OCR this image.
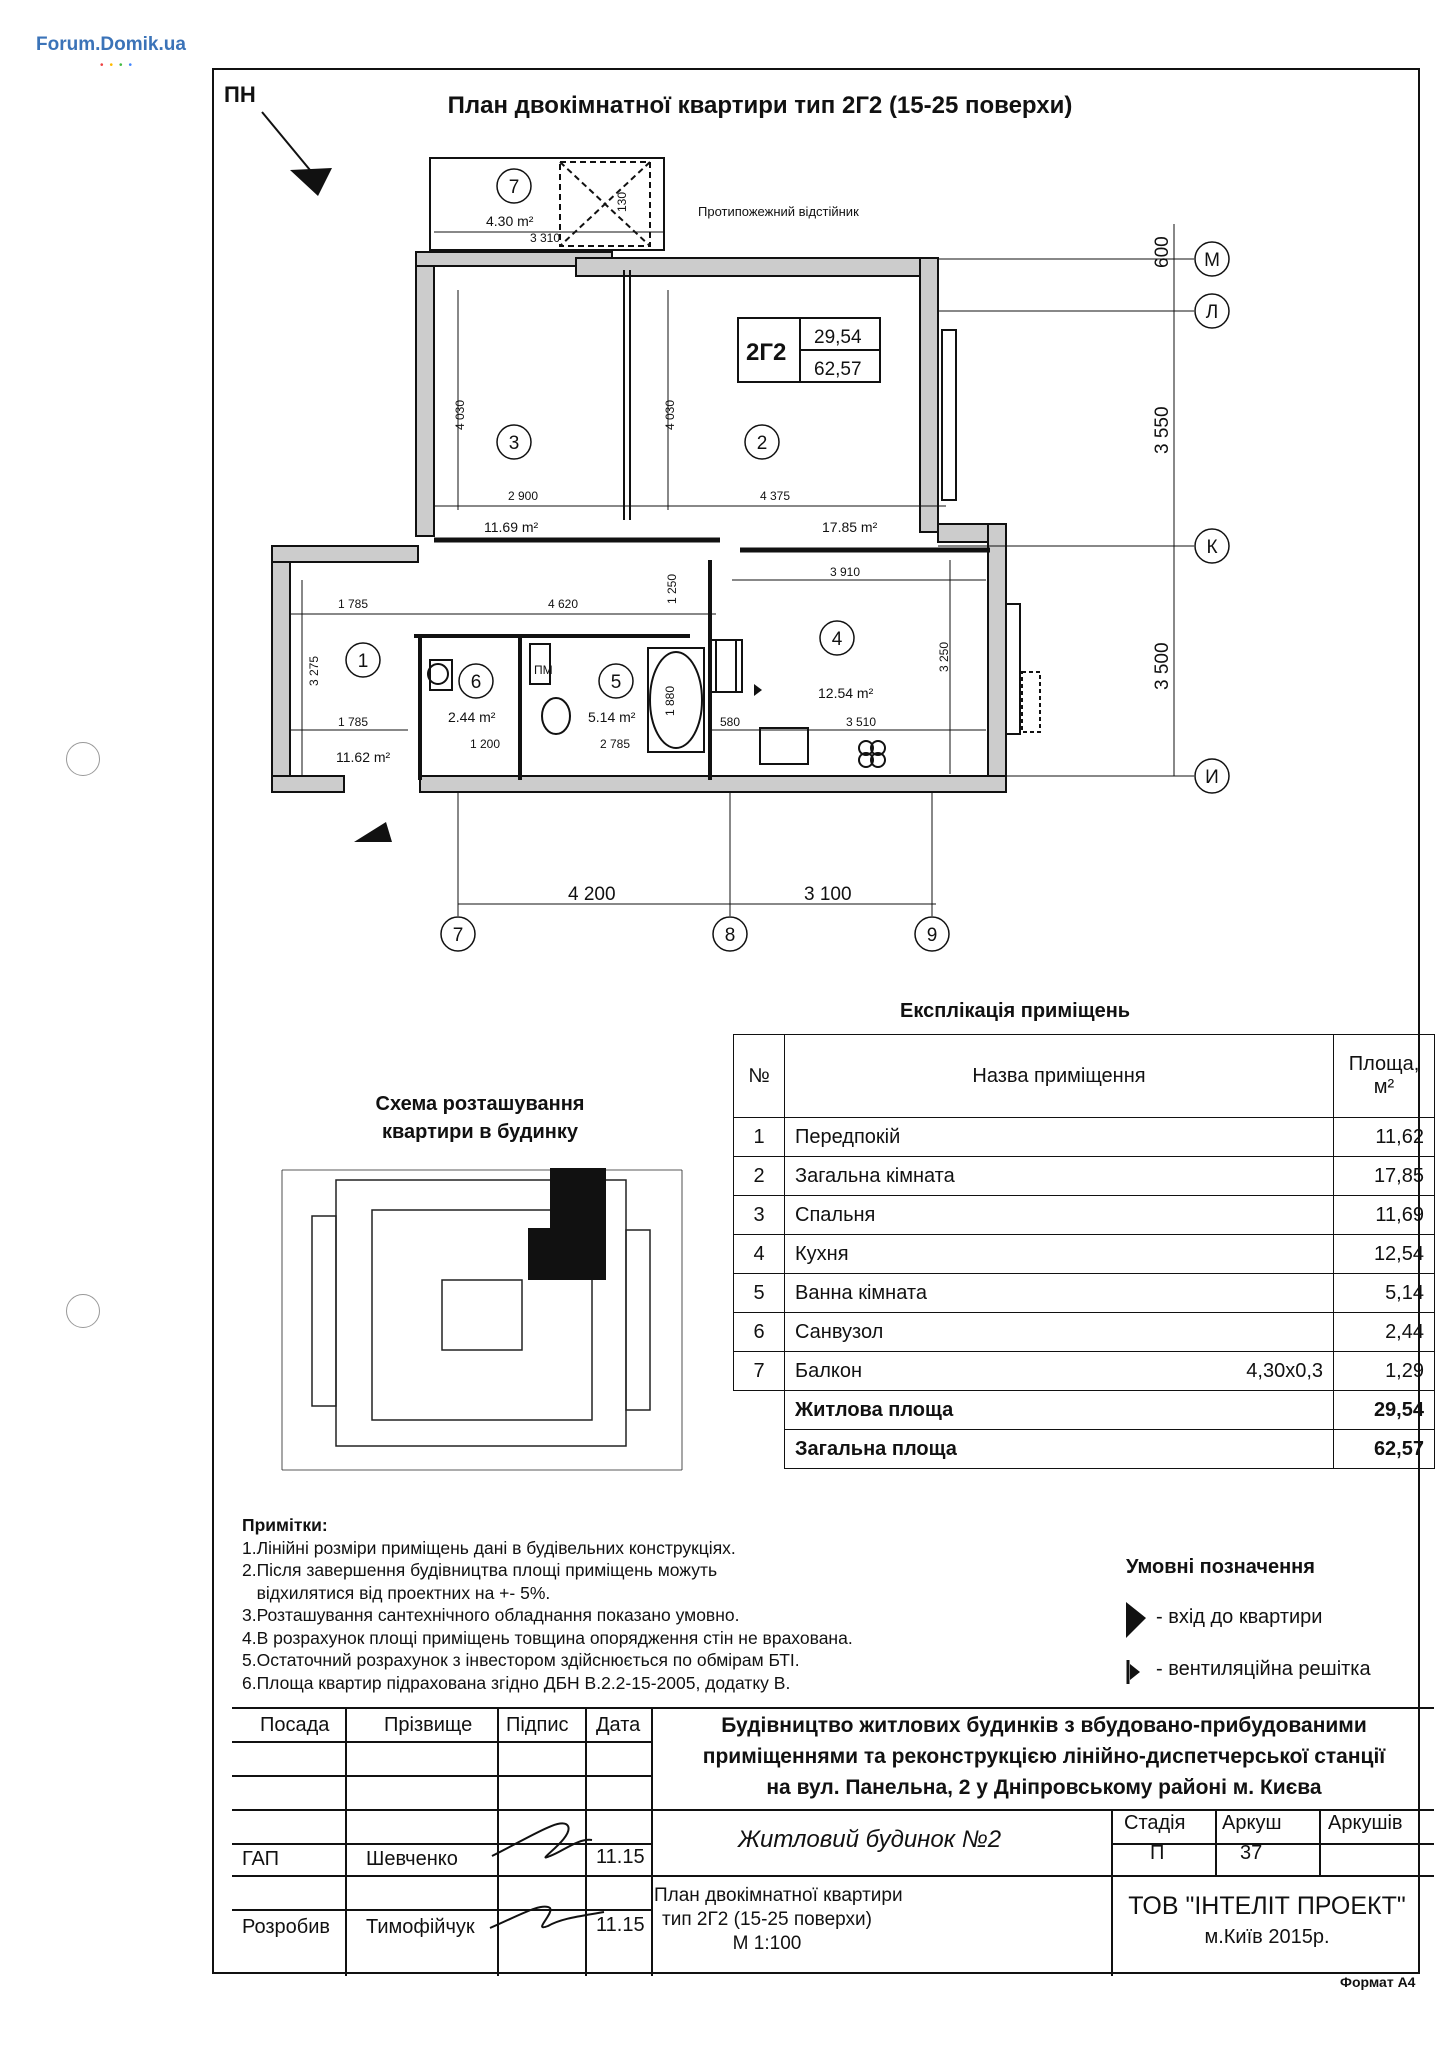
Forum.Domik.ua
••••
ПН	План двокімнатної квартири тип 2Г2 (15-25 поверхи)
М
Л
К
И
7	8	9
7
2
3
1
6	5
4
4.30 m²
11.69 m²	17.85 m²
12.54 m²
5.14 m²
2.44 m²
11.62 m²
Протипожежний відстійник
3 310
2 900	4 375
3 910
1 785	4 620
1 785
1 200	2 785
580	3 510
ПМ
130
4 030	4 030
1 250
3 275	3 250
1 880
600
3 550
3 500
4 200	3 100
2Г2
29,54
62,57
Експлікація приміщень
№	Назва приміщення		Площа, м²
1	Передпокій		11,62
2	Загальна кімната		17,85
3	Спальня		11,69
4	Кухня		12,54
5	Ванна кімната		5,14
6	Санвузол		2,44
7	Балкон	4,30х0,3	1,29
	Житлова площа		29,54
	Загальна площа		62,57
Схема розташування
квартири в будинку
Примітки:
1.Лінійні розміри приміщень дані в будівельних конструкціях.
2.Після завершення будівництва площі приміщень можуть
відхилятися від проектних на +- 5%.
3.Розташування сантехнічного обладнання показано умовно.
4.В розрахунок площі приміщень товщина опорядження стін не врахована.
5.Остаточний розрахунок з інвестором здійснюється по обмірам БТІ.
6.Площа квартир підрахована згідно ДБН В.2.2-15-2005, додатку В.
Умовні позначення
- вхід до квартири
- вентиляційна решітка
Посада	Прізвище Підпис Дата	Будівництво житлових будинків з вбудовано-прибудованими
приміщеннями та реконструкцією лінійно-диспетчерської станції
на вул. Панельна, 2 у Дніпровському районі м. Києва
Житловий будинок №2
Стадія Аркуш Аркушів
П	37
ГАП	Шевченко	11.15
Розробив Тимофійчук	11.15
План двокімнатної квартири
тип 2Г2 (15-25 поверхи)
М 1:100
ТОВ "ІНТЕЛІТ ПРОЕКТ"
м.Київ 2015р.
Формат А4
